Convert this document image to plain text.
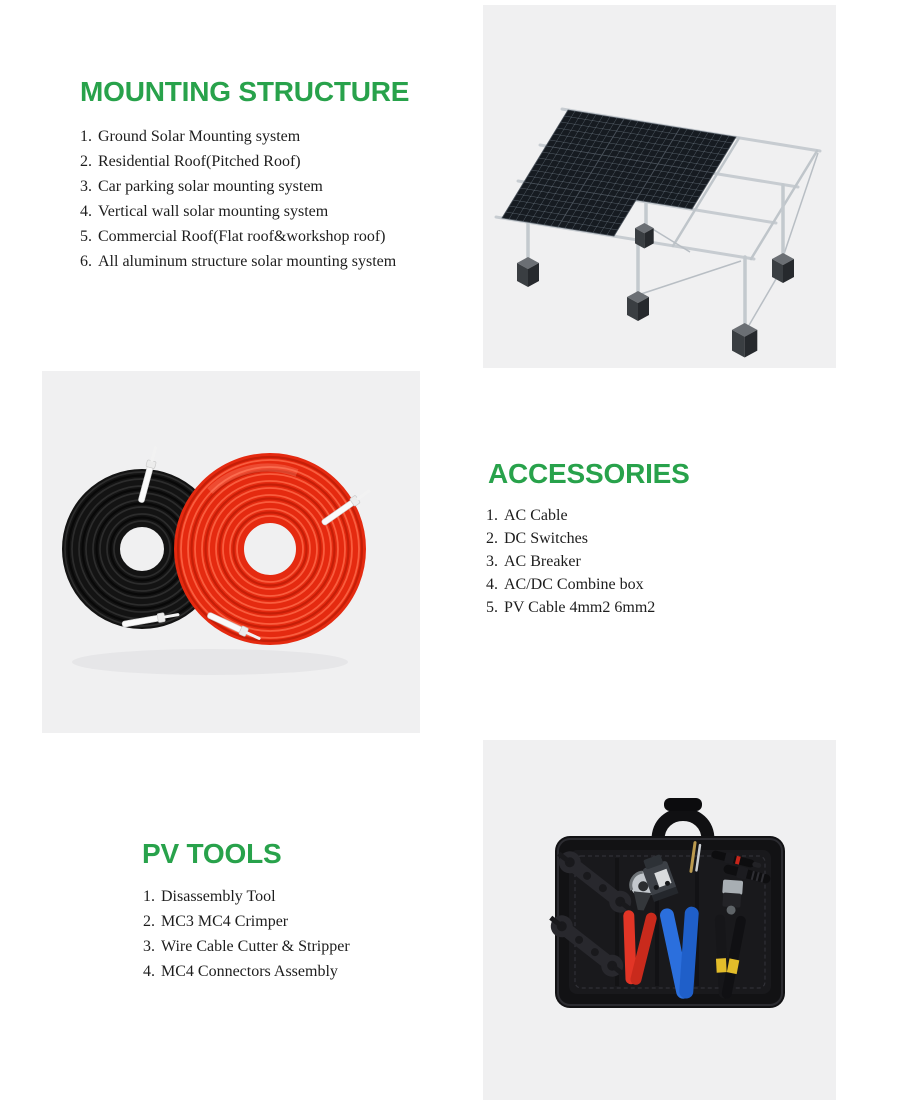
MOUNTING STRUCTURE
1. Ground Solar Mounting system
2. Residential Roof(Pitched Roof)
3. Car parking solar mounting system
4. Vertical wall solar mounting system
5. Commercial Roof(Flat roof&workshop roof)
6. All aluminum structure solar mounting system
ACCESSORIES
1. AC Cable
2. DC Switches
3. AC Breaker
4. AC/DC Combine box
5. PV Cable 4mm2 6mm2
PV TOOLS
1. Disassembly Tool
2. MC3 MC4 Crimper
3. Wire Cable Cutter & Stripper
4. MC4 Connectors Assembly
